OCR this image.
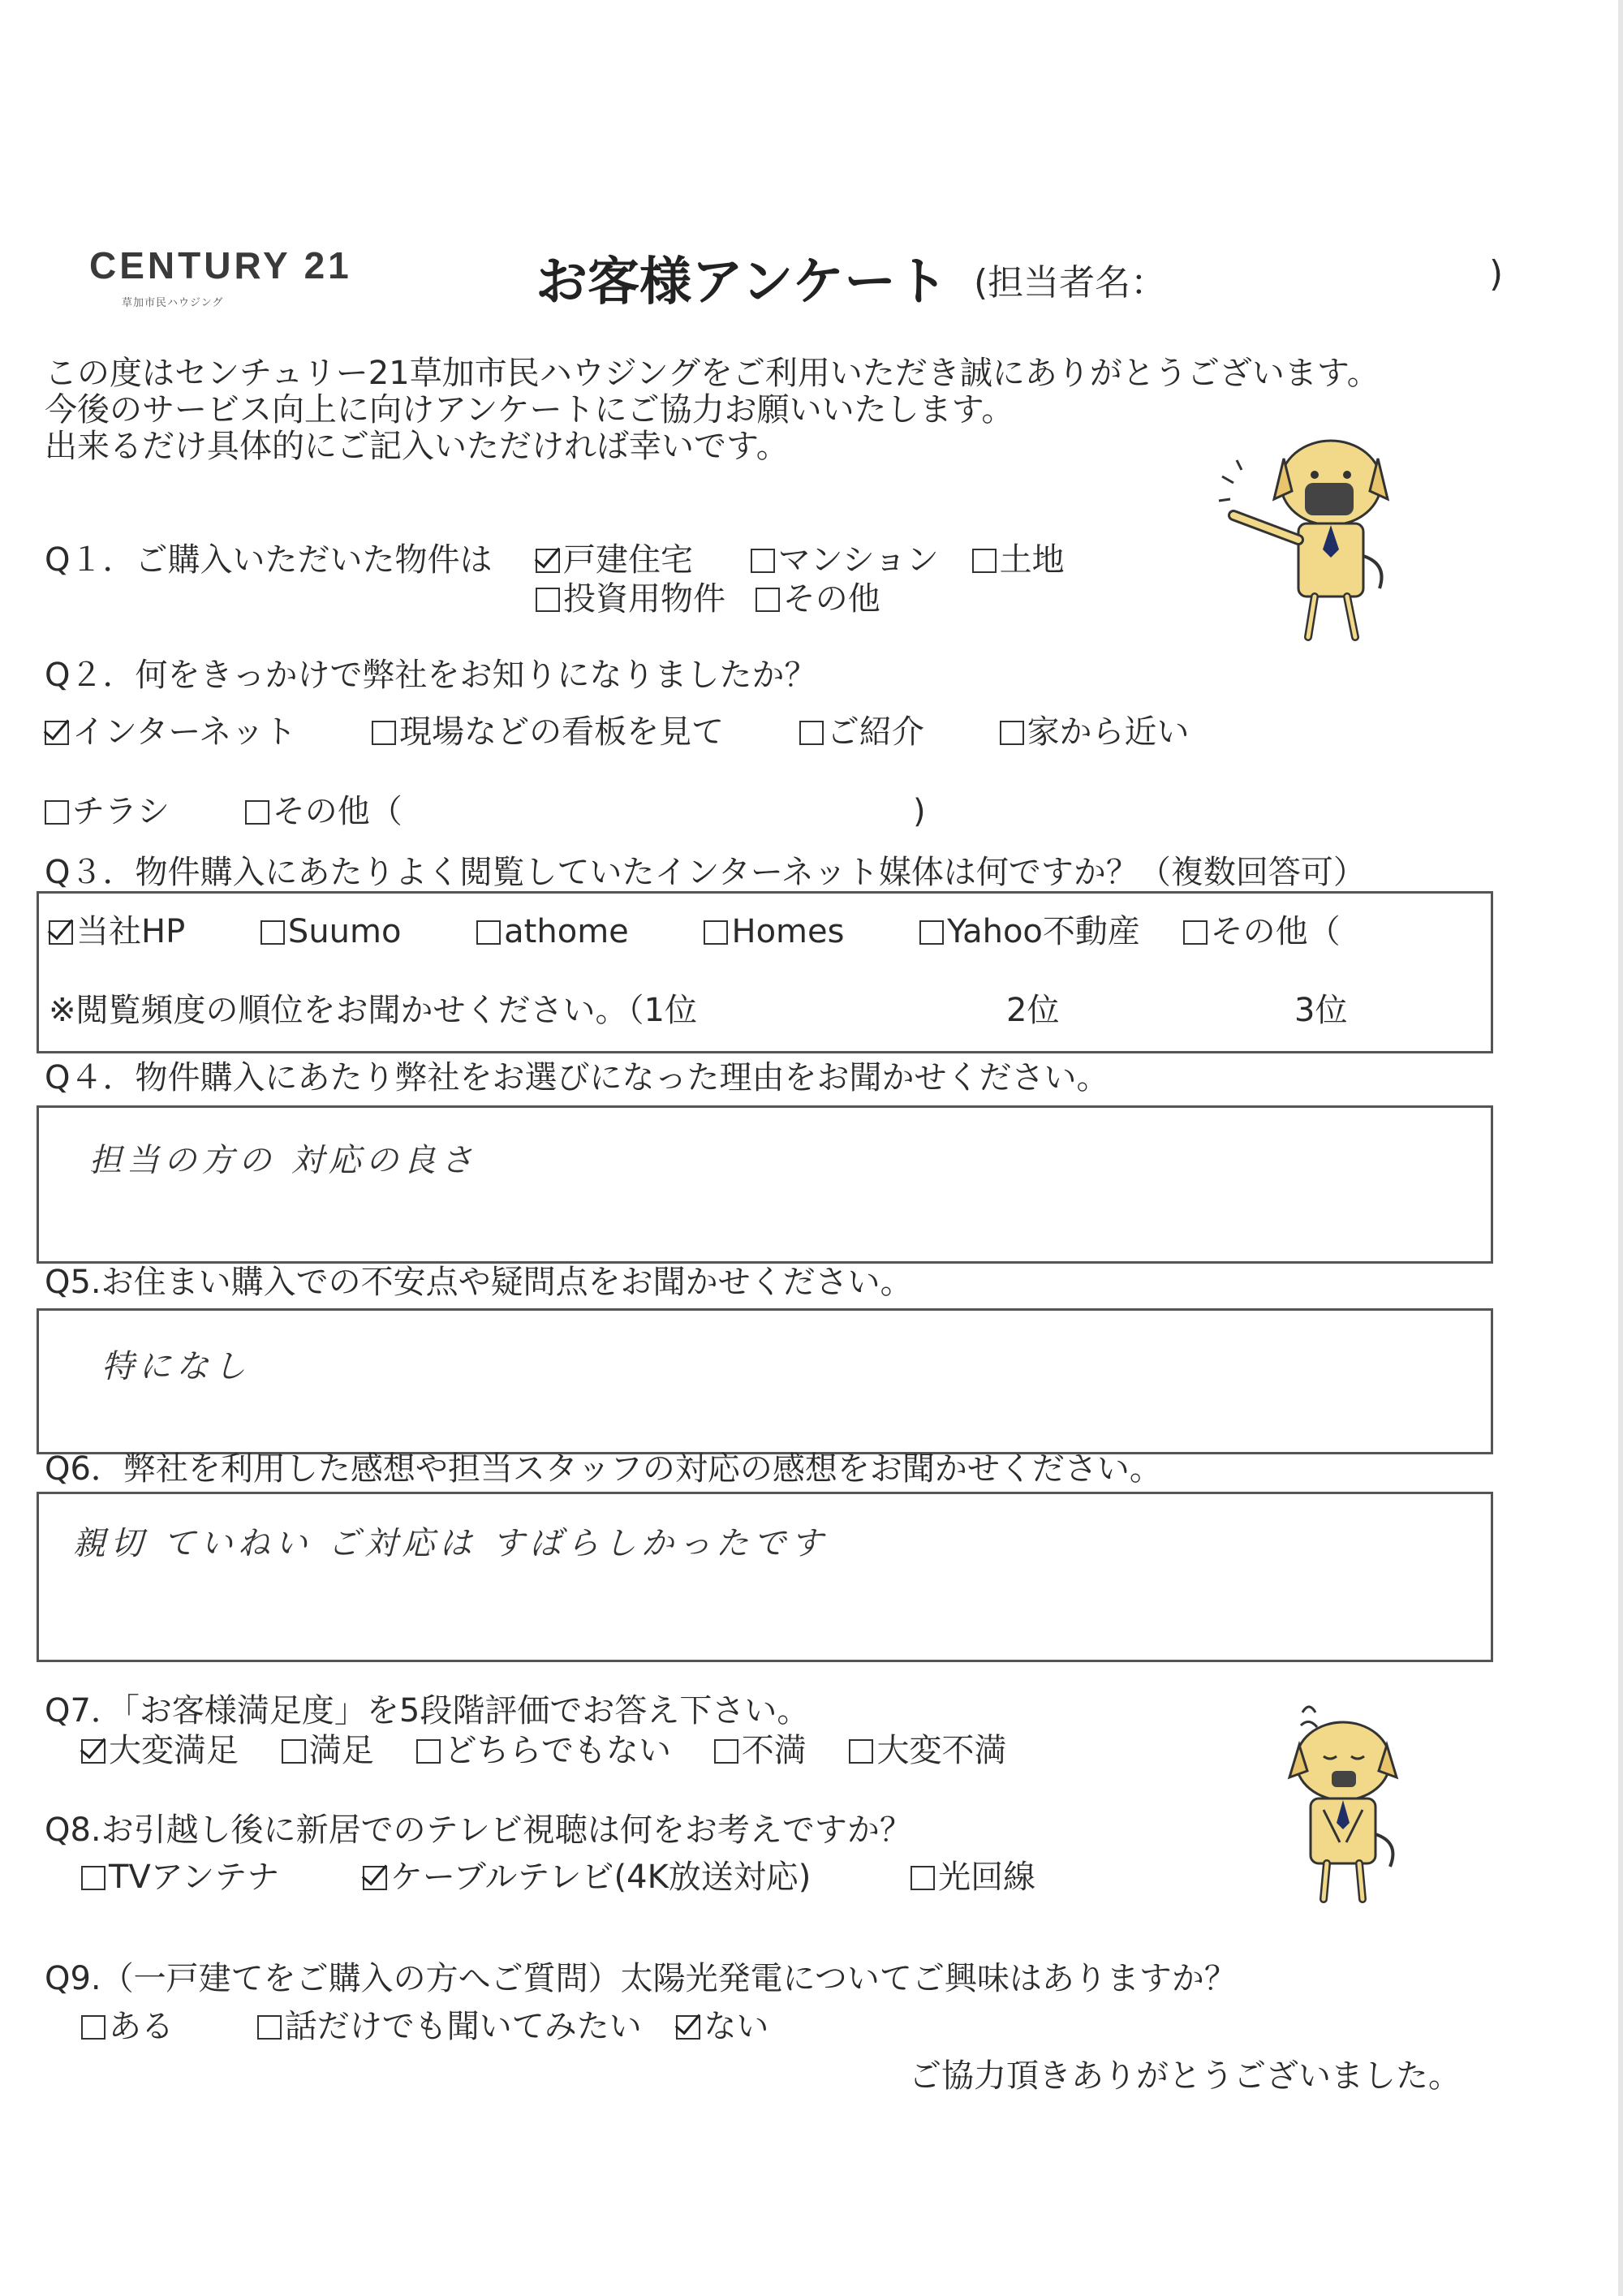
CENTURY 21
草加市民ハウジング	お客様アンケート (担当者名：	)
この度はセンチュリー21草加市民ハウジングをご利用いただき誠にありがとうございます。
今後のサービス向上に向けアンケートにご協力お願いいたします。
出来るだけ具体的にご記入いただければ幸いです。
Q１．ご購入いただいた物件は	戸建住宅	マンション 土地
投資用物件 その他
Q２．何をきっかけで弊社をお知りになりましたか？
インターネット	現場などの看板を見て	ご紹介	家から近い
チラシ	その他（	)
Q３．物件購入にあたりよく閲覧していたインターネット媒体は何ですか？（複数回答可）
当社HP	Suumo	athome	Homes	Yahoo不動産 その他（
※閲覧頻度の順位をお聞かせください。（1位	2位	3位
Q４．物件購入にあたり弊社をお選びになった理由をお聞かせください。
担当の方の 対応の良さ
Q5.お住まい購入での不安点や疑問点をお聞かせください。
特になし
Q6．弊社を利用した感想や担当スタッフの対応の感想をお聞かせください。
親切 ていねい ご対応は すばらしかったです
Q7．「お客様満足度」を5段階評価でお答え下さい。
大変満足 満足 どちらでもない 不満 大変不満
Q8.お引越し後に新居でのテレビ視聴は何をお考えですか？
TVアンテナ	ケーブルテレビ(4K放送対応)	光回線
Q9.（一戸建てをご購入の方へご質問）太陽光発電についてご興味はありますか？
ある	話だけでも聞いてみたい ない
ご協力頂きありがとうございました。
